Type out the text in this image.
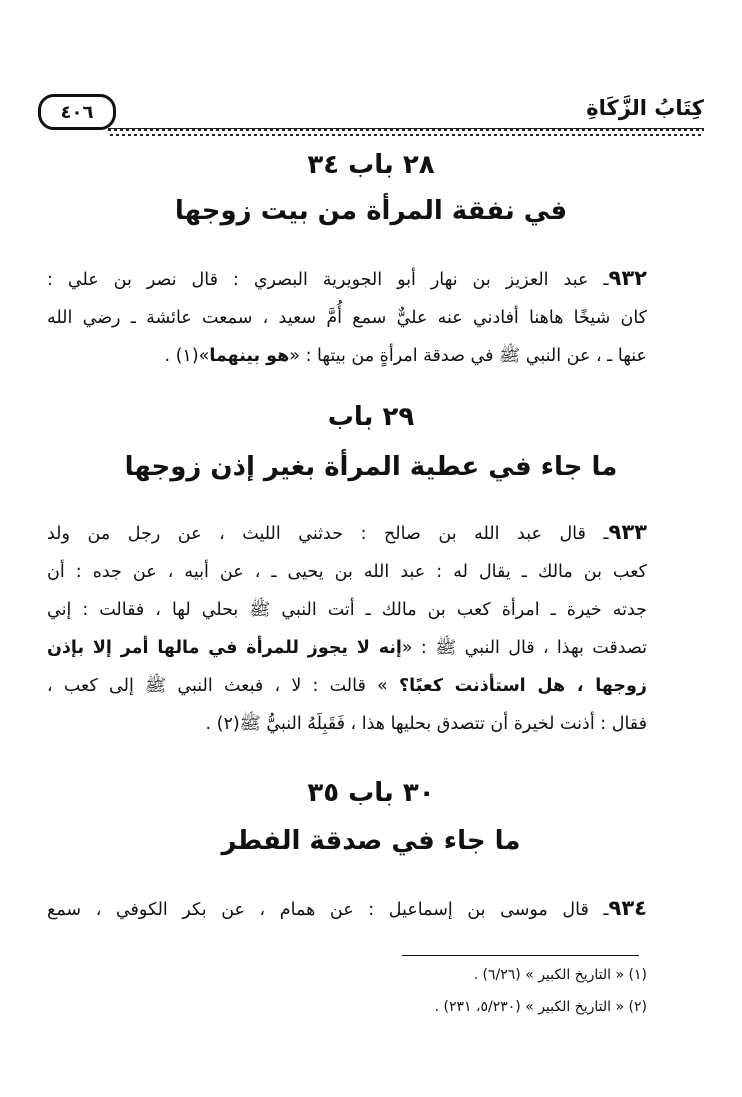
٤٠٦	كِتَابُ الزَّكَاةِ
٢٨ باب ٣٤
في نفقة المرأة من بيت زوجها
٩٣٢ـ عبد العزيز بن نهار أبو الجويرية البصري : قال نصر بن علي :
كان شيخًا هاهنا أفادني عنه عليٌّ سمع أُمَّ سعيد ، سمعت عائشة ـ رضي الله
عنها ـ ، عن النبي ﷺ في صدقة امرأةٍ من بيتها : «هو بينهما»(١) .
٢٩ باب
ما جاء في عطية المرأة بغير إذن زوجها
٩٣٣ـ قال عبد الله بن صالح : حدثني الليث ، عن رجل من ولد
كعب بن مالك ـ يقال له : عبد الله بن يحيى ـ ، عن أبيه ، عن جده : أن
جدته خيرة ـ امرأة كعب بن مالك ـ أتت النبي ﷺ بحلي لها ، فقالت : إني
تصدقت بهذا ، قال النبي ﷺ : «إنه لا يجوز للمرأة في مالها أمر إلا بإذن
زوجها ، هل استأذنت كعبًا؟ » قالت : لا ، فبعث النبي ﷺ إلى كعب ،
فقال : أذنت لخيرة أن تتصدق بحليها هذا ، فَقَبِلَهُ النبيُّ ﷺ(٢) .
٣٠ باب ٣٥
ما جاء في صدقة الفطر
٩٣٤ـ قال موسى بن إسماعيل : عن همام ، عن بكر الكوفي ، سمع
(١) « التاريخ الكبير » (٦/٢٦) .
(٢) « التاريخ الكبير » (٥/٢٣٠، ٢٣١) .
